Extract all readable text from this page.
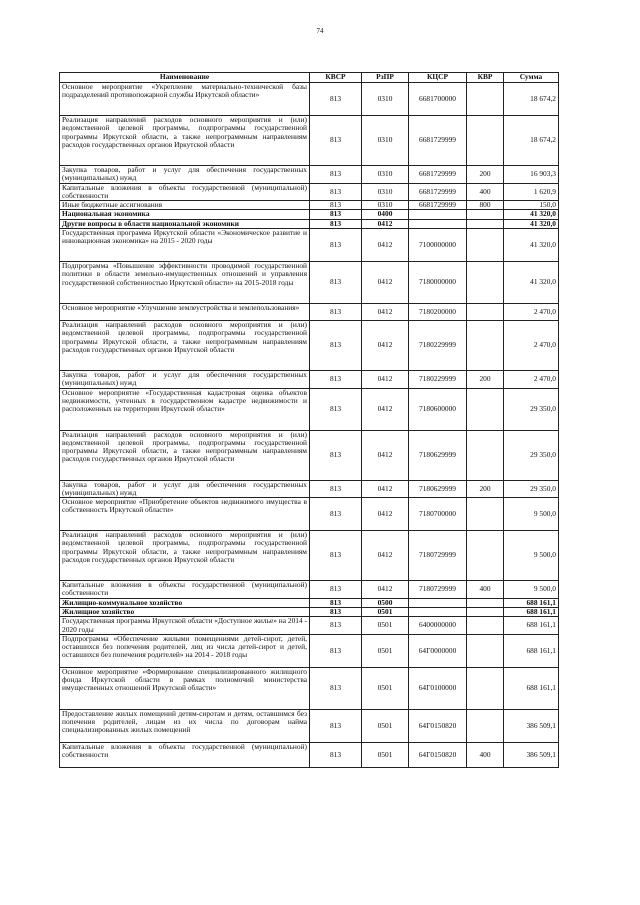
74
Наименование	КВСР	РзПР	КЦСР	КВР	Сумма
Основное мероприятие «Укрепление материально-технической базы подразделений противопожарной службы Иркутской области»	813	0310	6681700000		18 674,2
Реализация направлений расходов основного мероприятия и (или) ведомственной целевой программы, подпрограммы государственной программы Иркутской области, а также непрограммным направлениям расходов государственных органов Иркутской области	813	0310	6681729999		18 674,2
Закупка товаров, работ и услуг для обеспечения государственных (муниципальных) нужд	813	0310	6681729999	200	16 903,3
Капитальные вложения в объекты государственной (муниципальной) собственности	813	0310	6681729999	400	1 620,9
Иные бюджетные ассигнования	813	0310	6681729999	800	150,0
Национальная экономика	813	0400			41 320,0
Другие вопросы в области национальной экономики	813	0412			41 320,0
Государственная программа Иркутской области «Экономическое развитие и инновационная экономика» на 2015 - 2020 годы	813	0412	7100000000		41 320,0
Подпрограмма «Повышение эффективности проводимой государственной политики в области земельно-имущественных отношений и управления государственной собственностью Иркутской области» на 2015-2018 годы	813	0412	7180000000		41 320,0
Основное мероприятие «Улучшение землеустройства и землепользования»	813	0412	7180200000		2 470,0
Реализация направлений расходов основного мероприятия и (или) ведомственной целевой программы, подпрограммы государственной программы Иркутской области, а также непрограммным направлениям расходов государственных органов Иркутской области	813	0412	7180229999		2 470,0
Закупка товаров, работ и услуг для обеспечения государственных (муниципальных) нужд	813	0412	7180229999	200	2 470,0
Основное мероприятие «Государственная кадастровая оценка объектов недвижимости, учтенных в государственном кадастре недвижимости и расположенных на территории Иркутской области»	813	0412	7180600000		29 350,0
Реализация направлений расходов основного мероприятия и (или) ведомственной целевой программы, подпрограммы государственной программы Иркутской области, а также непрограммным направлениям расходов государственных органов Иркутской области	813	0412	7180629999		29 350,0
Закупка товаров, работ и услуг для обеспечения государственных (муниципальных) нужд	813	0412	7180629999	200	29 350,0
Основное мероприятие «Приобретение объектов недвижимого имущества в собственность Иркутской области»	813	0412	7180700000		9 500,0
Реализация направлений расходов основного мероприятия и (или) ведомственной целевой программы, подпрограммы государственной программы Иркутской области, а также непрограммным направлениям расходов государственных органов Иркутской области	813	0412	7180729999		9 500,0
Капитальные вложения в объекты государственной (муниципальной) собственности	813	0412	7180729999	400	9 500,0
Жилищно-коммунальное хозяйство	813	0500			688 161,1
Жилищное хозяйство	813	0501			688 161,1
Государственная программа Иркутской области «Доступное жилье» на 2014 - 2020 годы	813	0501	6400000000		688 161,1
Подпрограмма «Обеспечение жилыми помещениями детей-сирот, детей, оставшихся без попечения родителей, лиц из числа детей-сирот и детей, оставшихся без попечения родителей» на 2014 - 2018 годы	813	0501	64Г0000000		688 161,1
Основное мероприятие «Формирование специализированного жилищного фонда Иркутской области в рамках полномочий министерства имущественных отношений Иркутской области»	813	0501	64Г0100000		688 161,1
Предоставление жилых помещений детям-сиротам и детям, оставшимся без попечения родителей, лицам из их числа по договорам найма специализированных жилых помещений	813	0501	64Г0150820		386 509,1
Капитальные вложения в объекты государственной (муниципальной) собственности	813	0501	64Г0150820	400	386 509,1
